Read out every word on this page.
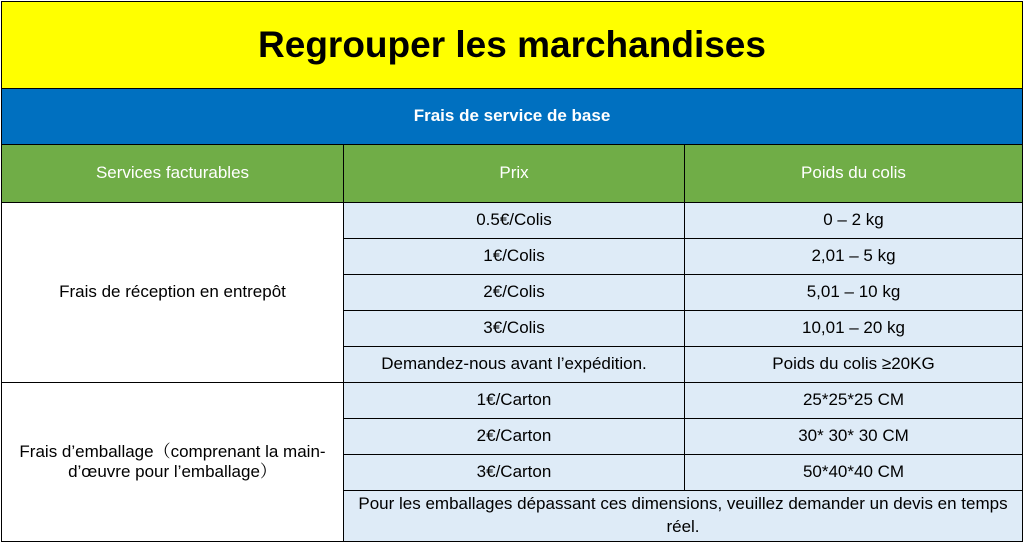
Regrouper les marchandises		
Frais de service de base		
Services facturables	Prix	Poids du colis
Frais de réception en entrepôt	0.5€/Colis	0 – 2 kg
	1€/Colis	2,01 – 5 kg
	2€/Colis	5,01 – 10 kg
	3€/Colis	10,01 – 20 kg
	Demandez-nous avant l’expédition.	Poids du colis ≥20KG
Frais d’emballage（comprenant la main-d’œuvre pour l’emballage）	1€/Carton	25*25*25 CM
	2€/Carton	30* 30* 30 CM
	3€/Carton	50*40*40 CM
	Pour les emballages dépassant ces dimensions, veuillez demander un devis en temps réel.	
